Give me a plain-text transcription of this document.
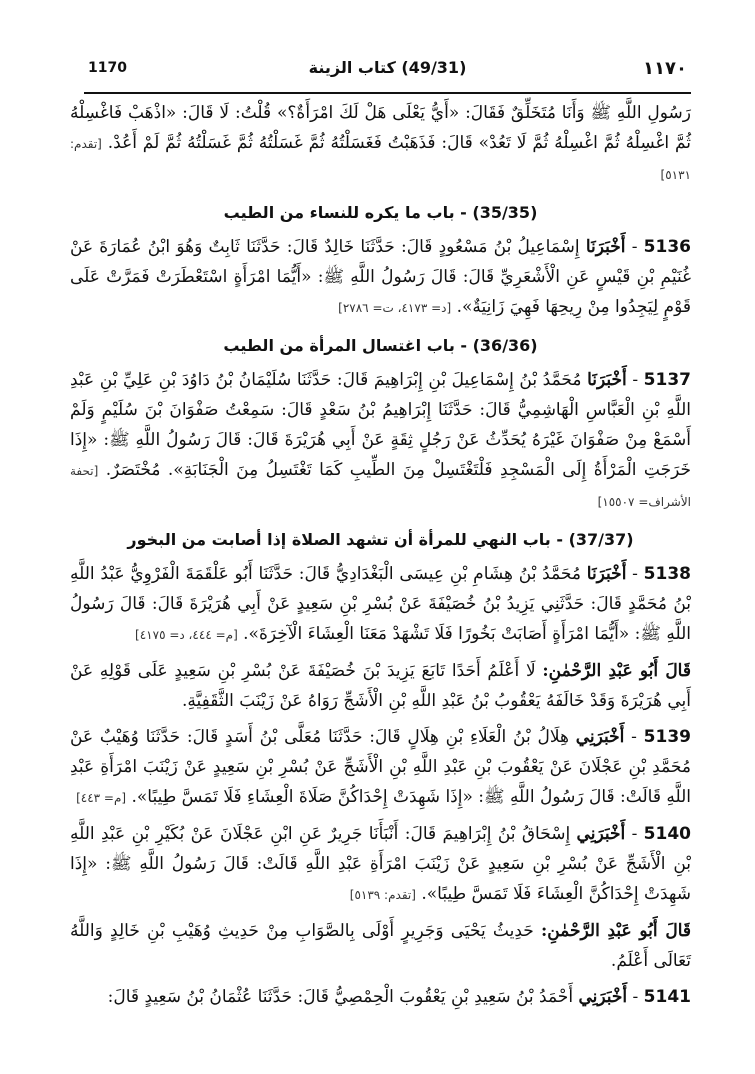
1170	(49/31) كتاب الزينة	١١٧٠

رَسُولِ اللَّهِ ﷺ وَأَنَا مُتَخَلِّقٌ فَقَالَ: «أَيُّ يَعْلَى هَلْ لَكَ امْرَأَةٌ؟» قُلْتُ: لَا قَالَ: «اذْهَبْ فَاغْسِلْهُ ثُمَّ اغْسِلْهُ ثُمَّ اغْسِلْهُ ثُمَّ لَا تَعُدْ» قَالَ: فَذَهَبْتُ فَغَسَلْتُهُ ثُمَّ غَسَلْتُهُ ثُمَّ غَسَلْتُهُ ثُمَّ لَمْ أَعُدْ. [تقدم: ٥١٣١]

(35/35) - باب ما يكره للنساء من الطيب

5136 - أَخْبَرَنَا إِسْمَاعِيلُ بْنُ مَسْعُودٍ قَالَ: حَدَّثَنَا خَالِدٌ قَالَ: حَدَّثَنَا ثَابِتٌ وَهُوَ ابْنُ عُمَارَةَ عَنْ غُنَيْمِ بْنِ قَيْسٍ عَنِ الْأَشْعَرِيِّ قَالَ: قَالَ رَسُولُ اللَّهِ ﷺ: «أَيُّمَا امْرَأَةٍ اسْتَعْطَرَتْ فَمَرَّتْ عَلَى قَوْمٍ لِيَجِدُوا مِنْ رِيحِهَا فَهِيَ زَانِيَةٌ». [د= ٤١٧٣، ت= ٢٧٨٦]

(36/36) - باب اغتسال المرأة من الطيب

5137 - أَخْبَرَنَا مُحَمَّدُ بْنُ إِسْمَاعِيلَ بْنِ إِبْرَاهِيمَ قَالَ: حَدَّثَنَا سُلَيْمَانُ بْنُ دَاوُدَ بْنِ عَلِيِّ بْنِ عَبْدِ اللَّهِ بْنِ الْعَبَّاسِ الْهَاشِمِيُّ قَالَ: حَدَّثَنَا إِبْرَاهِيمُ بْنُ سَعْدٍ قَالَ: سَمِعْتُ صَفْوَانَ بْنَ سُلَيْمٍ وَلَمْ أَسْمَعْ مِنْ صَفْوَانَ غَيْرَهُ يُحَدِّثُ عَنْ رَجُلٍ ثِقَةٍ عَنْ أَبِي هُرَيْرَةَ قَالَ: قَالَ رَسُولُ اللَّهِ ﷺ: «إِذَا خَرَجَتِ الْمَرْأَةُ إِلَى الْمَسْجِدِ فَلْتَغْتَسِلْ مِنَ الطِّيبِ كَمَا تَغْتَسِلُ مِنَ الْجَنَابَةِ». مُخْتَصَرٌ. [تحفة الأشراف= ١٥٥٠٧]

(37/37) - باب النهي للمرأة أن تشهد الصلاة إذا أصابت من البخور

5138 - أَخْبَرَنَا مُحَمَّدُ بْنُ هِشَامِ بْنِ عِيسَى الْبَغْدَادِيُّ قَالَ: حَدَّثَنَا أَبُو عَلْقَمَةَ الْفَرْوِيُّ عَبْدُ اللَّهِ بْنُ مُحَمَّدٍ قَالَ: حَدَّثَنِي يَزِيدُ بْنُ خُصَيْفَةَ عَنْ بُسْرِ بْنِ سَعِيدٍ عَنْ أَبِي هُرَيْرَةَ قَالَ: قَالَ رَسُولُ اللَّهِ ﷺ: «أَيُّمَا امْرَأَةٍ أَصَابَتْ بَخُورًا فَلَا تَشْهَدْ مَعَنَا الْعِشَاءَ الْآخِرَةَ». [م= ٤٤٤، د= ٤١٧٥]

قَالَ أَبُو عَبْدِ الرَّحْمٰنِ: لَا أَعْلَمُ أَحَدًا تَابَعَ يَزِيدَ بْنَ خُصَيْفَةَ عَنْ بُسْرِ بْنِ سَعِيدٍ عَلَى قَوْلِهِ عَنْ أَبِي هُرَيْرَةَ وَقَدْ خَالَفَهُ يَعْقُوبُ بْنُ عَبْدِ اللَّهِ بْنِ الْأَشَجِّ رَوَاهُ عَنْ زَيْنَبَ الثَّقَفِيَّةِ.

5139 - أَخْبَرَنِي هِلَالُ بْنُ الْعَلَاءِ بْنِ هِلَالٍ قَالَ: حَدَّثَنَا مُعَلَّى بْنُ أَسَدٍ قَالَ: حَدَّثَنَا وُهَيْبٌ عَنْ مُحَمَّدِ بْنِ عَجْلَانَ عَنْ يَعْقُوبَ بْنِ عَبْدِ اللَّهِ بْنِ الْأَشَجِّ عَنْ بُسْرِ بْنِ سَعِيدٍ عَنْ زَيْنَبَ امْرَأَةِ عَبْدِ اللَّهِ قَالَتْ: قَالَ رَسُولُ اللَّهِ ﷺ: «إِذَا شَهِدَتْ إِحْدَاكُنَّ صَلَاةَ الْعِشَاءِ فَلَا تَمَسَّ طِيبًا». [م= ٤٤٣]

5140 - أَخْبَرَنِي إِسْحَاقُ بْنُ إِبْرَاهِيمَ قَالَ: أَنْبَأَنَا جَرِيرٌ عَنِ ابْنِ عَجْلَانَ عَنْ بُكَيْرِ بْنِ عَبْدِ اللَّهِ بْنِ الْأَشَجِّ عَنْ بُسْرِ بْنِ سَعِيدٍ عَنْ زَيْنَبَ امْرَأَةِ عَبْدِ اللَّهِ قَالَتْ: قَالَ رَسُولُ اللَّهِ ﷺ: «إِذَا شَهِدَتْ إِحْدَاكُنَّ الْعِشَاءَ فَلَا تَمَسَّ طِيبًا». [تقدم: ٥١٣٩]

قَالَ أَبُو عَبْدِ الرَّحْمٰنِ: حَدِيثُ يَحْيَى وَجَرِيرٍ أَوْلَى بِالصَّوَابِ مِنْ حَدِيثِ وُهَيْبِ بْنِ خَالِدٍ وَاللَّهُ تَعَالَى أَعْلَمُ.

5141 - أَخْبَرَنِي أَحْمَدُ بْنُ سَعِيدِ بْنِ يَعْقُوبَ الْحِمْصِيُّ قَالَ: حَدَّثَنَا عُثْمَانُ بْنُ سَعِيدٍ قَالَ:
